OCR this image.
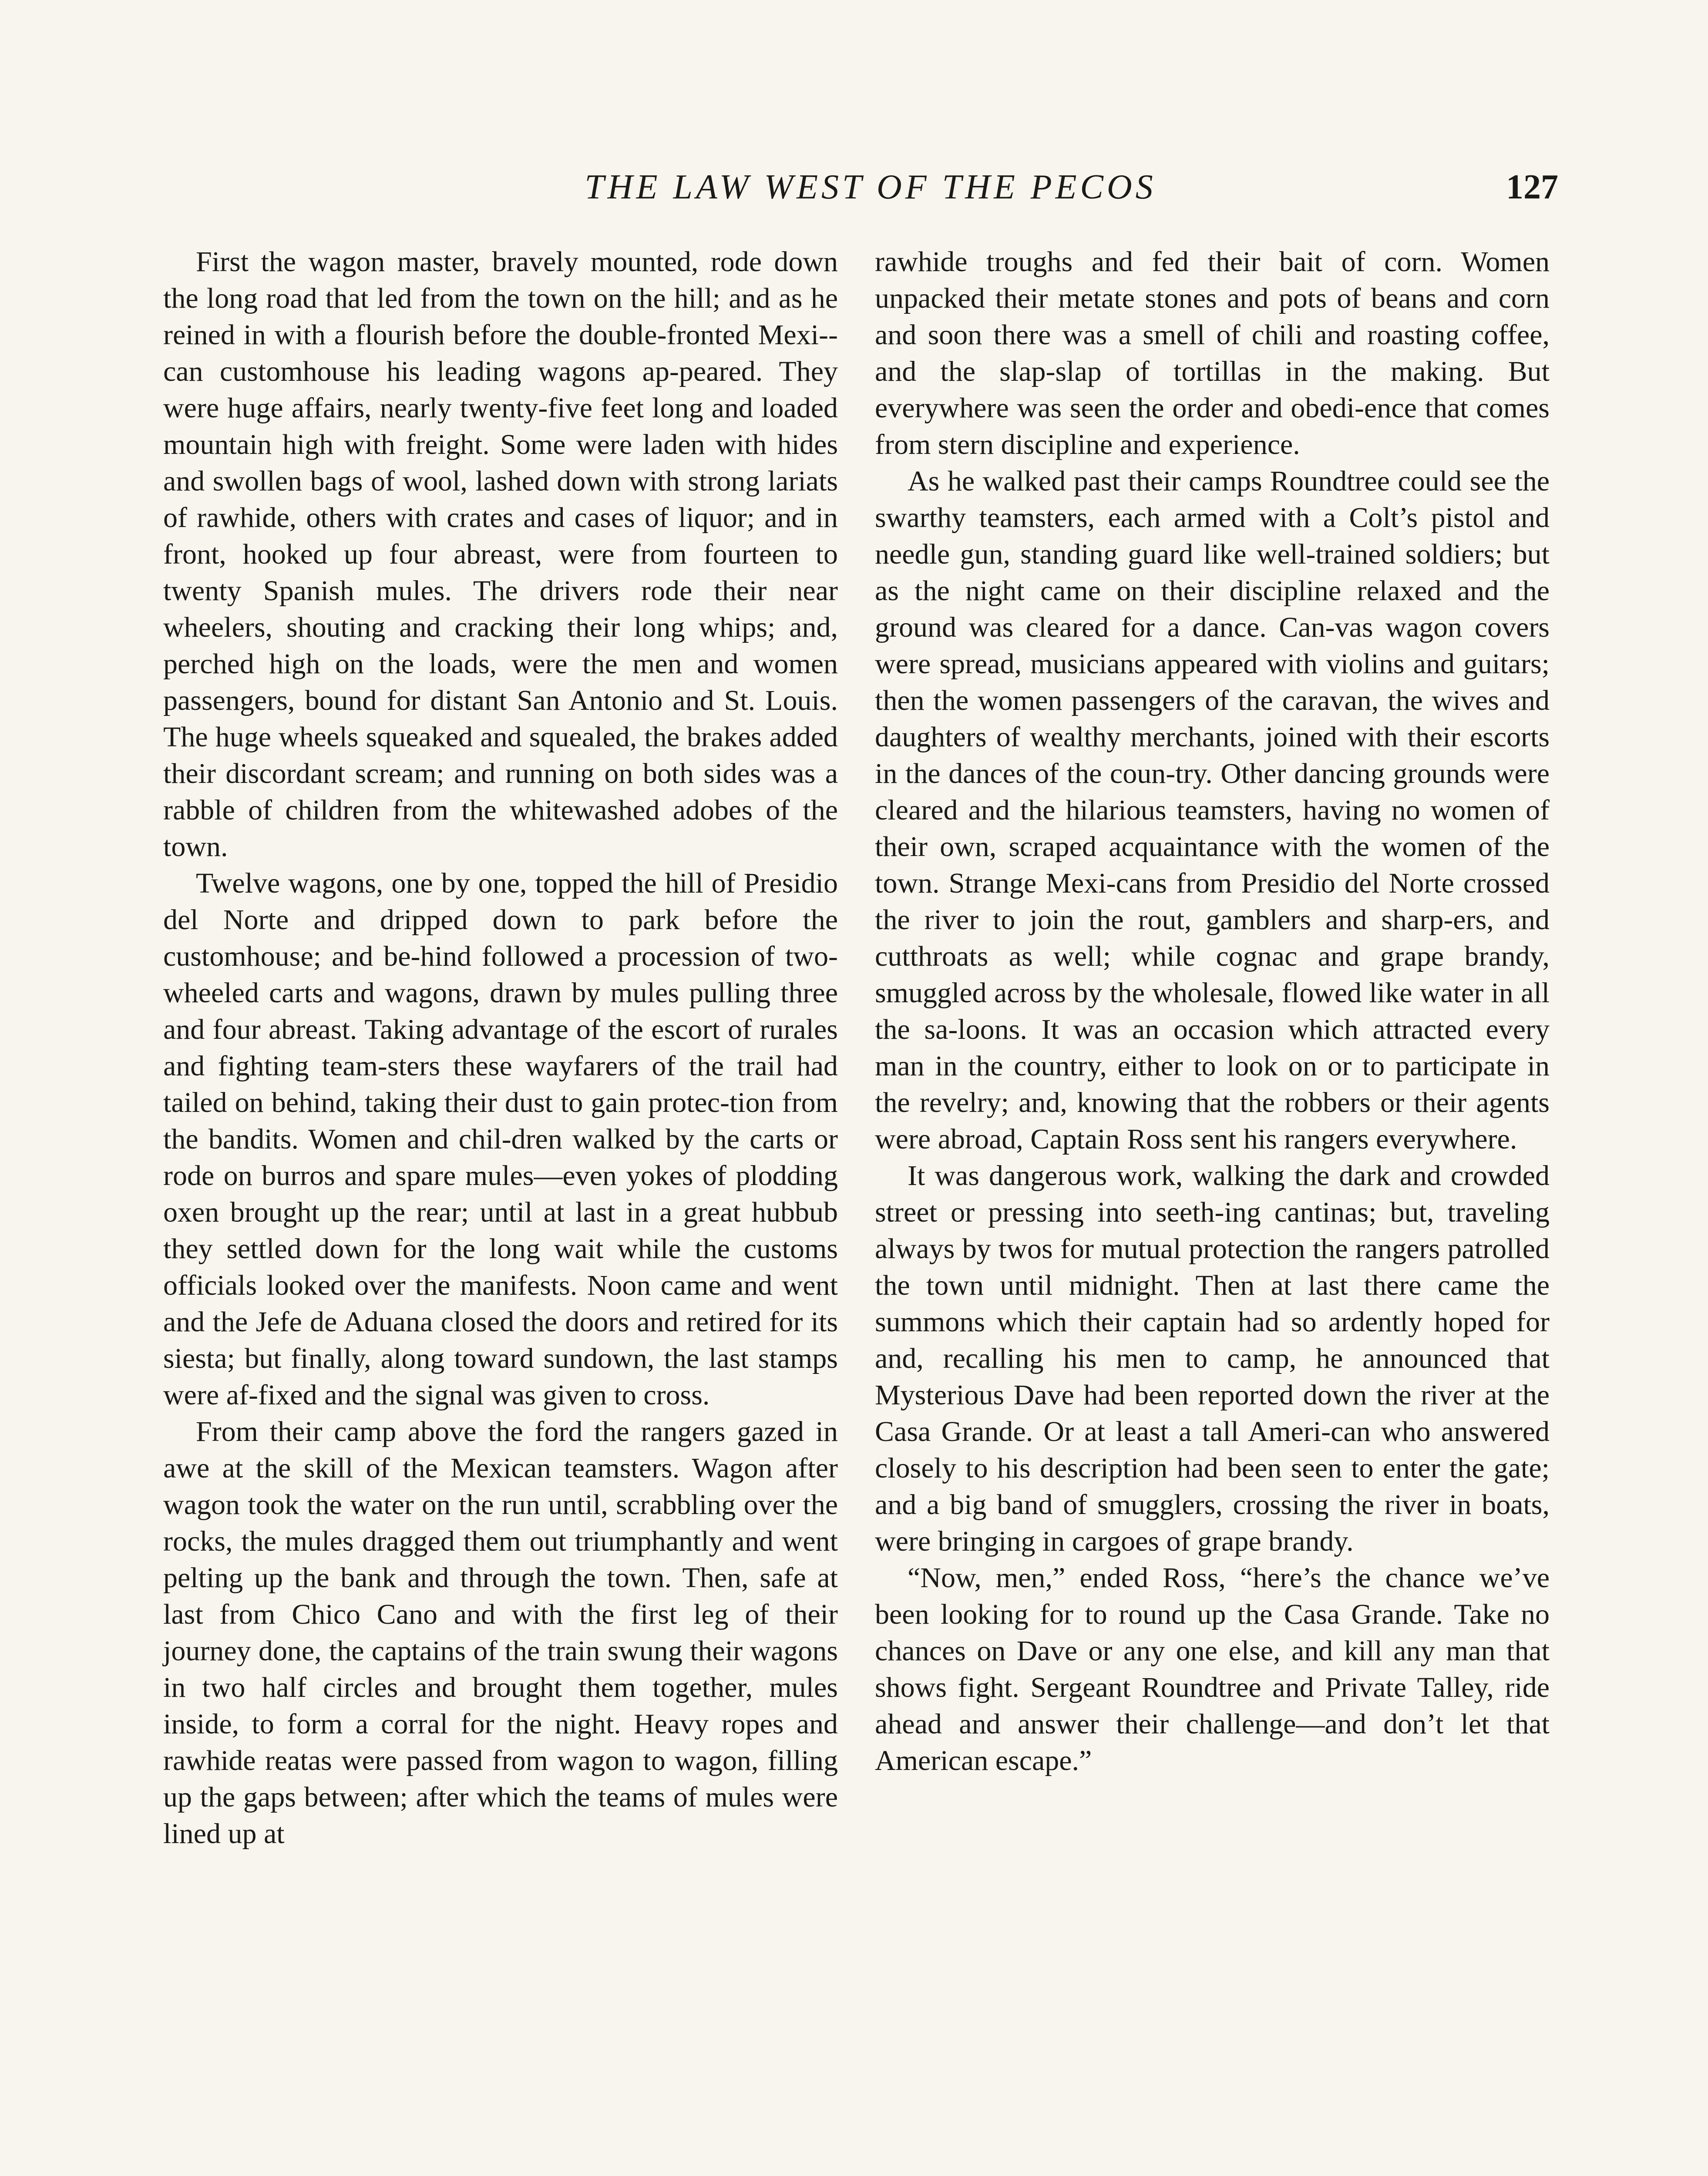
THE LAW WEST OF THE PECOS	127

First the wagon master, bravely mounted, rode down the long road that led from the town on the hill; and as he reined in with a flourish before the double-fronted Mexi-can customhouse his leading wagons ap-peared. They were huge affairs, nearly twenty-five feet long and loaded mountain high with freight. Some were laden with hides and swollen bags of wool, lashed down with strong lariats of rawhide, others with crates and cases of liquor; and in front, hooked up four abreast, were from fourteen to twenty Spanish mules. The drivers rode their near wheelers, shouting and cracking their long whips; and, perched high on the loads, were the men and women passengers, bound for distant San Antonio and St. Louis. The huge wheels squeaked and squealed, the brakes added their discordant scream; and running on both sides was a rabble of children from the whitewashed adobes of the town.

Twelve wagons, one by one, topped the hill of Presidio del Norte and dripped down to park before the customhouse; and be-hind followed a procession of two-wheeled carts and wagons, drawn by mules pulling three and four abreast. Taking advantage of the escort of rurales and fighting team-sters these wayfarers of the trail had tailed on behind, taking their dust to gain protec-tion from the bandits. Women and chil-dren walked by the carts or rode on burros and spare mules—even yokes of plodding oxen brought up the rear; until at last in a great hubbub they settled down for the long wait while the customs officials looked over the manifests. Noon came and went and the Jefe de Aduana closed the doors and retired for its siesta; but finally, along toward sundown, the last stamps were af-fixed and the signal was given to cross.

From their camp above the ford the rangers gazed in awe at the skill of the Mexican teamsters. Wagon after wagon took the water on the run until, scrabbling over the rocks, the mules dragged them out triumphantly and went pelting up the bank and through the town. Then, safe at last from Chico Cano and with the first leg of their journey done, the captains of the train swung their wagons in two half circles and brought them together, mules inside, to form a corral for the night. Heavy ropes and rawhide reatas were passed from wagon to wagon, filling up the gaps between; after which the teams of mules were lined up at

rawhide troughs and fed their bait of corn. Women unpacked their metate stones and pots of beans and corn and soon there was a smell of chili and roasting coffee, and the slap-slap of tortillas in the making. But everywhere was seen the order and obedi-ence that comes from stern discipline and experience.

As he walked past their camps Roundtree could see the swarthy teamsters, each armed with a Colt’s pistol and needle gun, standing guard like well-trained soldiers; but as the night came on their discipline relaxed and the ground was cleared for a dance. Can-vas wagon covers were spread, musicians appeared with violins and guitars; then the women passengers of the caravan, the wives and daughters of wealthy merchants, joined with their escorts in the dances of the coun-try. Other dancing grounds were cleared and the hilarious teamsters, having no women of their own, scraped acquaintance with the women of the town. Strange Mexi-cans from Presidio del Norte crossed the river to join the rout, gamblers and sharp-ers, and cutthroats as well; while cognac and grape brandy, smuggled across by the wholesale, flowed like water in all the sa-loons. It was an occasion which attracted every man in the country, either to look on or to participate in the revelry; and, knowing that the robbers or their agents were abroad, Captain Ross sent his rangers everywhere.

It was dangerous work, walking the dark and crowded street or pressing into seeth-ing cantinas; but, traveling always by twos for mutual protection the rangers patrolled the town until midnight. Then at last there came the summons which their captain had so ardently hoped for and, recalling his men to camp, he announced that Mysterious Dave had been reported down the river at the Casa Grande. Or at least a tall Ameri-can who answered closely to his description had been seen to enter the gate; and a big band of smugglers, crossing the river in boats, were bringing in cargoes of grape brandy.

“Now, men,” ended Ross, “here’s the chance we’ve been looking for to round up the Casa Grande. Take no chances on Dave or any one else, and kill any man that shows fight. Sergeant Roundtree and Private Talley, ride ahead and answer their challenge—and don’t let that American escape.”
